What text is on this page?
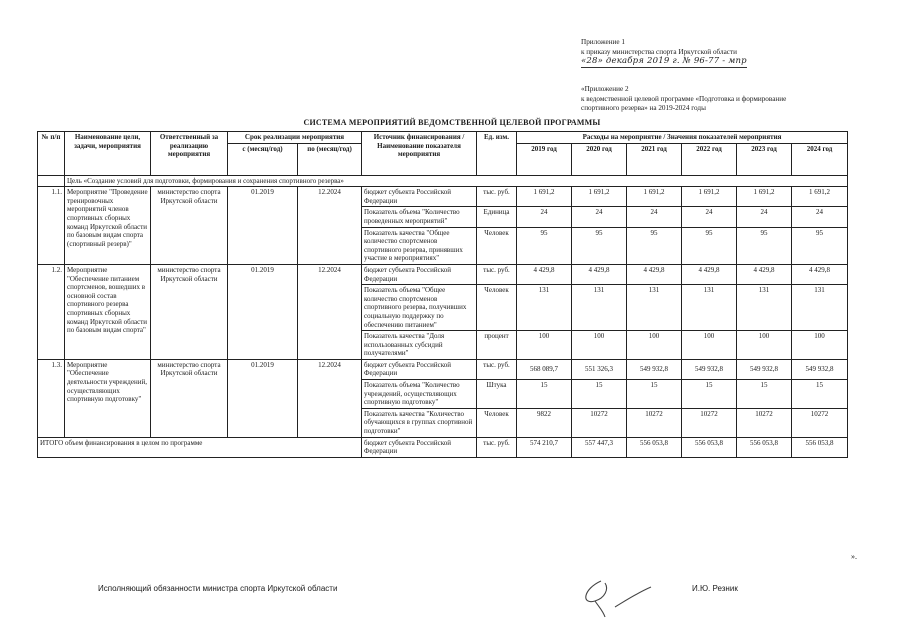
Приложение 1
к приказу министерства спорта Иркутской области
«28» декабря 2019 г. № 96-77 - мпр
«Приложение 2
к ведомственной целевой программе «Подготовка и формирование
спортивного резерва» на 2019-2024 годы
СИСТЕМА МЕРОПРИЯТИЙ ВЕДОМСТВЕННОЙ ЦЕЛЕВОЙ ПРОГРАММЫ
№ п/п	Наименование цели, задачи, мероприятия	Ответственный за реализацию мероприятия	Срок реализации мероприятия		Источник финансирования / Наименование показателя мероприятия	Ед. изм.	Расходы на мероприятие / Значения показателей мероприятия					
			с (месяц/год)	по (месяц/год)			2019 год	2020 год	2021 год	2022 год	2023 год	2024 год
	Цель «Создание условий для подготовки, формирования и сохранения спортивного резерва»											
1.1.	Мероприятие "Проведение тренировочных мероприятий членов спортивных сборных команд Иркутской области по базовым видам спорта (спортивный резерв)"	министерство спорта Иркутской области	01.2019	12.2024	бюджет субъекта Российской Федерации	тыс. руб.	1 691,2	1 691,2	1 691,2	1 691,2	1 691,2	1 691,2
					Показатель объема "Количество проведенных мероприятий"	Единица	24	24	24	24	24	24
					Показатель качества "Общее количество спортсменов спортивного резерва, принявших участие в мероприятиях"	Человек	95	95	95	95	95	95
1.2.	Мероприятие "Обеспечение питанием спортсменов, вошедших в основной состав спортивного резерва спортивных сборных команд Иркутской области по базовым видам спорта"	министерство спорта Иркутской области	01.2019	12.2024	бюджет субъекта Российской Федерации	тыс. руб.	4 429,8	4 429,8	4 429,8	4 429,8	4 429,8	4 429,8
					Показатель объема "Общее количество спортсменов спортивного резерва, получивших социальную поддержку по обеспечению питанием"	Человек	131	131	131	131	131	131
					Показатель качества "Доля использованных субсидий получателями"	процент	100	100	100	100	100	100
1.3.	Мероприятие "Обеспечение деятельности учреждений, осуществляющих спортивную подготовку"	министерство спорта Иркутской области	01.2019	12.2024	бюджет субъекта Российской Федерации	тыс. руб.	568 089,7	551 326,3	549 932,8	549 932,8	549 932,8	549 932,8
					Показатель объема "Количество учреждений, осуществляющих спортивную подготовку"	Штука	15	15	15	15	15	15
					Показатель качества "Количество обучающихся в группах спортивной подготовки"	Человек	9822	10272	10272	10272	10272	10272
ИТОГО объем финансирования в целом по программе					бюджет субъекта Российской Федерации	тыс. руб.	574 210,7	557 447,3	556 053,8	556 053,8	556 053,8	556 053,8
».
Исполняющий обязанности министра спорта Иркутской области	И.Ю. Резник
